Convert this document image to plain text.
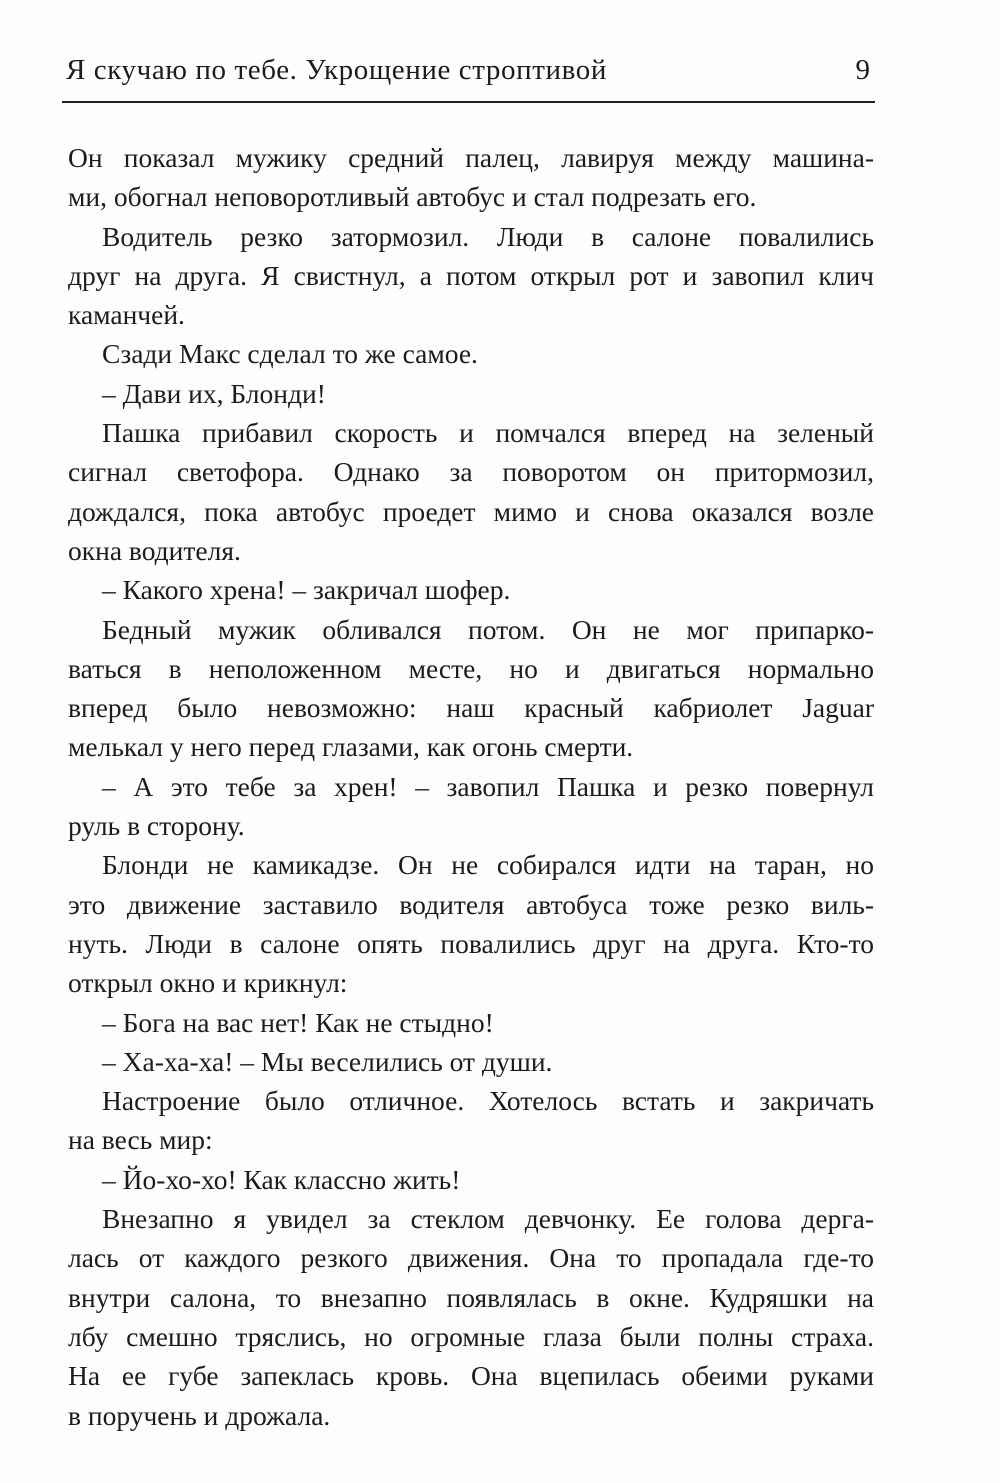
Я скучаю по тебе. Укрощение строптивой	9
Он показал мужику средний палец, лавируя между машина-
ми, обогнал неповоротливый автобус и стал подрезать его.
Водитель резко затормозил. Люди в салоне повалились
друг на друга. Я свистнул, а потом открыл рот и завопил клич
каманчей.
Сзади Макс сделал то же самое.
– Дави их, Блонди!
Пашка прибавил скорость и помчался вперед на зеленый
сигнал светофора. Однако за поворотом он притормозил,
дождался, пока автобус проедет мимо и снова оказался возле
окна водителя.
– Какого хрена! – закричал шофер.
Бедный мужик обливался потом. Он не мог припарко-
ваться в неположенном месте, но и двигаться нормально
вперед было невозможно: наш красный кабриолет Jaguar
мелькал у него перед глазами, как огонь смерти.
– А это тебе за хрен! – завопил Пашка и резко повернул
руль в сторону.
Блонди не камикадзе. Он не собирался идти на таран, но
это движение заставило водителя автобуса тоже резко виль-
нуть. Люди в салоне опять повалились друг на друга. Кто-то
открыл окно и крикнул:
– Бога на вас нет! Как не стыдно!
– Ха-ха-ха! – Мы веселились от души.
Настроение было отличное. Хотелось встать и закричать
на весь мир:
– Йо-хо-хо! Как классно жить!
Внезапно я увидел за стеклом девчонку. Ее голова дерга-
лась от каждого резкого движения. Она то пропадала где-то
внутри салона, то внезапно появлялась в окне. Кудряшки на
лбу смешно тряслись, но огромные глаза были полны страха.
На ее губе запеклась кровь. Она вцепилась обеими руками
в поручень и дрожала.
